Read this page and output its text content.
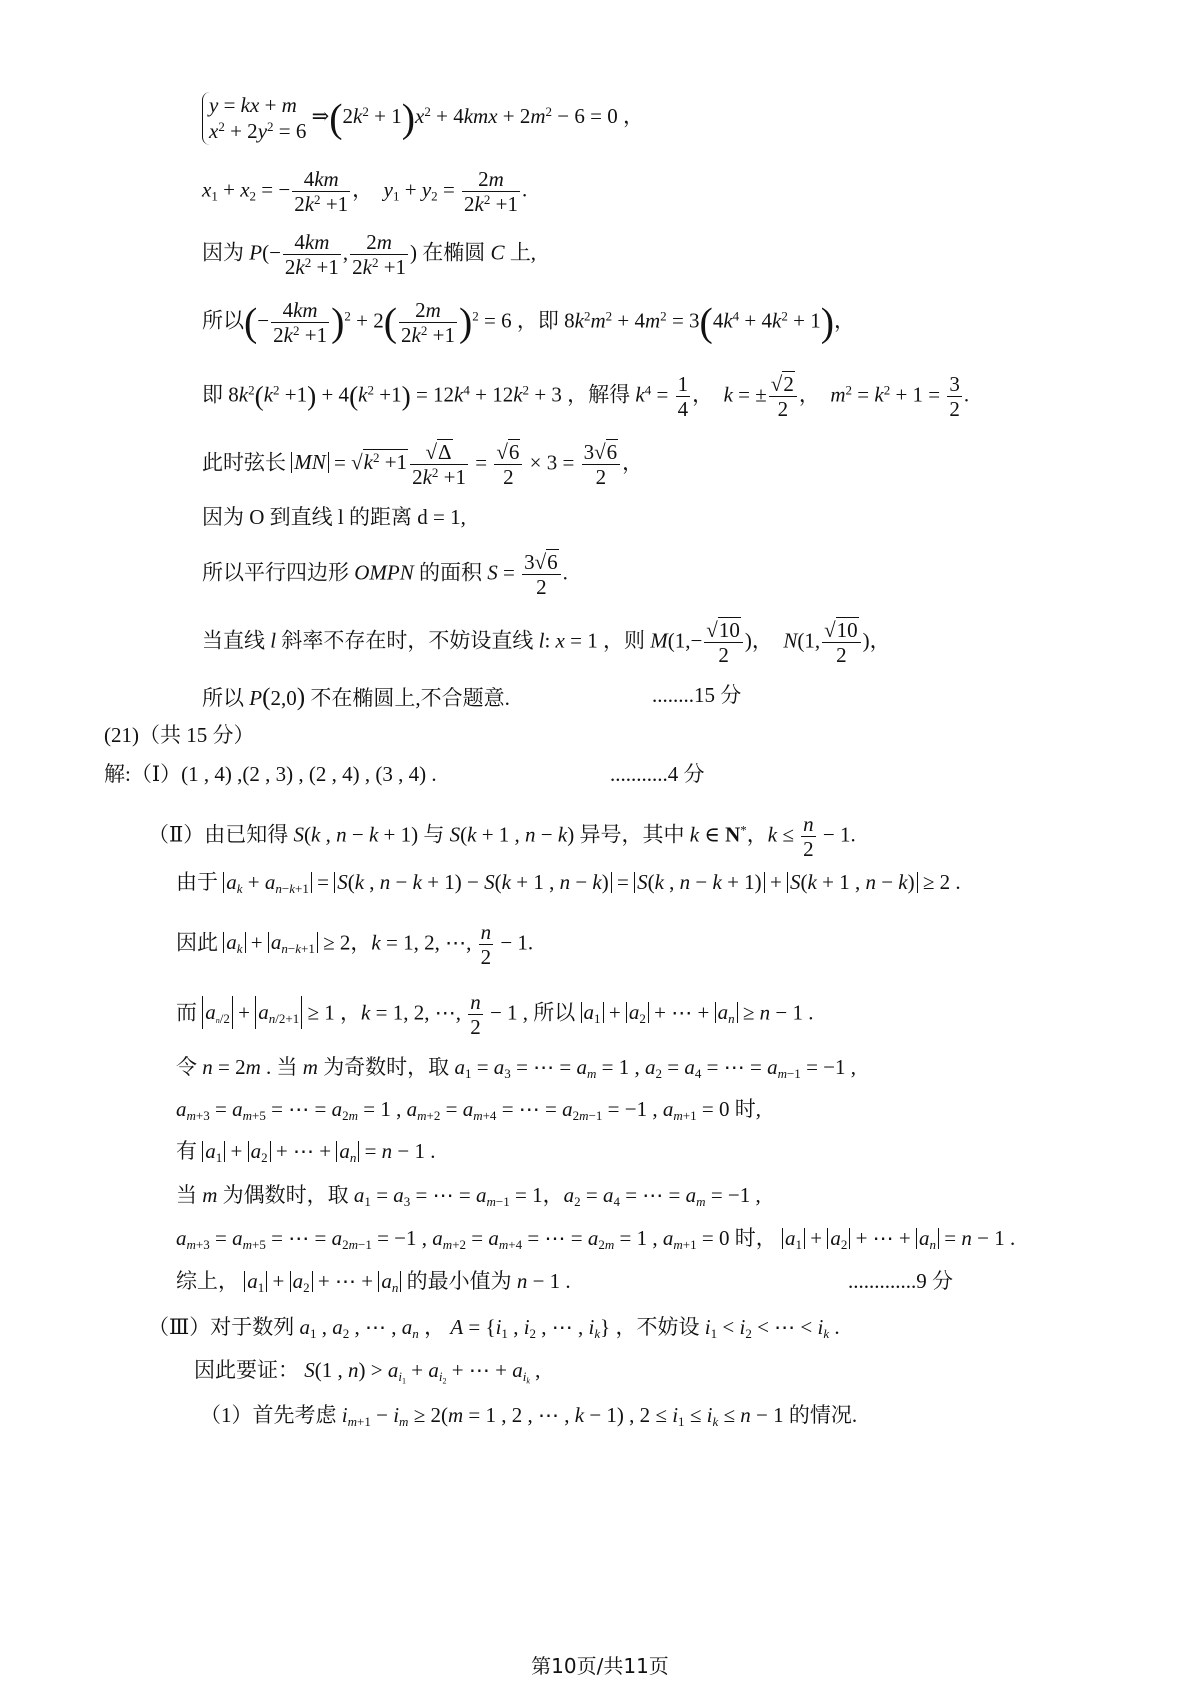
y = kx + m
$x^2 + 2y^2 = 6$
$\Rightarrow(2k^2 + 1)x^2 + 4kmx + 2m^2 - 6 = 0$ ，
$x_1 + x_2$ = − $\frac{4km}{2k^2 +1}$ ，  $y_1 + y_2 = \frac{2m}{2k^2 +1}$ .
因为 $P(- \frac{4km}{2k^2 +1}$ , $\frac{2m}{2k^2 +1}$ ) 在椭圆 C 上,
所以(− $\frac{4km}{2k^2 +1} )^2 + 2( \frac{2m}{2k^2 +1} )^2 = 6$ ，即 $8k^2m^2 + 4m^2 = 3(4k^4 + 4k^2 + 1)$，
即 $8k^2(k^2 +1) + 4(k^2 +1) = 12k^4 + 12k^2 + 3$ ，解得 $k^4 = \frac{1}{4}$ ，  k = ± $\frac{√2}{2}$ ，  $m^2 = k^2 + 1 = \frac{3}{2}$ .
此时弦长 MN = $√k^2 +1 \frac{√\Delta}{2k^2 +1} = \frac{√6}{2} \times 3 = \frac{3√6}{2}$ ，
因为 O 到直线 l 的距离 d = 1,
所以平行四边形 OMPN 的面积 $S = \frac{3√6}{2}$ .
当直线 l 斜率不存在时，不妨设直线 l: x = 1 ，则 $M(1,- \frac{√10}{2}$ )，  N(1, $\frac{√10}{2}$ )，
所以 P(2,0) 不在椭圆上,不合题意.	........15 分
(21)（共 15 分）
解:（Ⅰ）(1 , 4) ,(2 , 3) , (2 , 4) , (3 , 4) .	...........4 分
（Ⅱ）由已知得 S(k , n − k + 1) 与 S(k + 1 , n − k) 异号，其中 k ∈ N*，$k \le \frac{n}{2} - 1$.
由于 $a_k + a_{n-k+1} = S(k$ , n − k + 1) − S(k + 1 , n − k) = S(k , n − k + 1) + S(k + 1 , n − k) ≥ 2 .
因此 $a_k + a_{n-k+1} \ge 2$，k = 1, 2, ⋯, $\frac{n}{2} - 1$.
而 $a_{n/2} + a_{n/2+1} \ge 1$ ，k = 1, 2, ⋯, $\frac{n}{2} - 1$ , 所以 $a_1 + a_2$ + ⋯ + $a_n \ge n - 1$ .
令 n = 2m . 当 m 为奇数时，取 $a_1 = a_3$ = ⋯ = $a_m = 1$ , $a_2 = a_4$ = ⋯ = $a_{m-1} = -1$ ,
$a_{m+3} = a_{m+5}$ = ⋯ = $a_{2m} = 1$ , $a_{m+2} = a_{m+4}$ = ⋯ = $a_{2m-1} = -1$ , $a_{m+1} = 0$ 时,
有 $a_1 + a_2$ + ⋯ + $a_n = n - 1$ .
当 m 为偶数时，取 $a_1 = a_3$ = ⋯ = $a_{m-1} = 1$，$a_2 = a_4$ = ⋯ = $a_m = -1$ ,
$a_{m+3} = a_{m+5}$ = ⋯ = $a_{2m-1} = -1$ , $a_{m+2} = a_{m+4}$ = ⋯ = $a_{2m} = 1$ , $a_{m+1} = 0$ 时， $a_1 + a_2$ + ⋯ + $a_n = n - 1$ .
综上， $a_1 + a_2$ + ⋯ + $a_n$ 的最小值为 n − 1 .	.............9 分
（Ⅲ）对于数列 $a_1$ , $a_2$ , ⋯ , $a_n$ ， $A = \{i_1$ , $i_2$ , ⋯ , $i_k$} ，不妨设 $i_1 < i_2$ < ⋯ < $i_k$ .
因此要证： S(1 , $n) > a_{i_1} + a_{i_2}$ + ⋯ + $a_{i_k}$ ,
（1）首先考虑 $i_{m+1} - i_m \ge 2(m = 1$ , 2 , ⋯ , k − 1) , $2 \le i_1 \le i_k \le n - 1$ 的情况.
第10页/共11页
